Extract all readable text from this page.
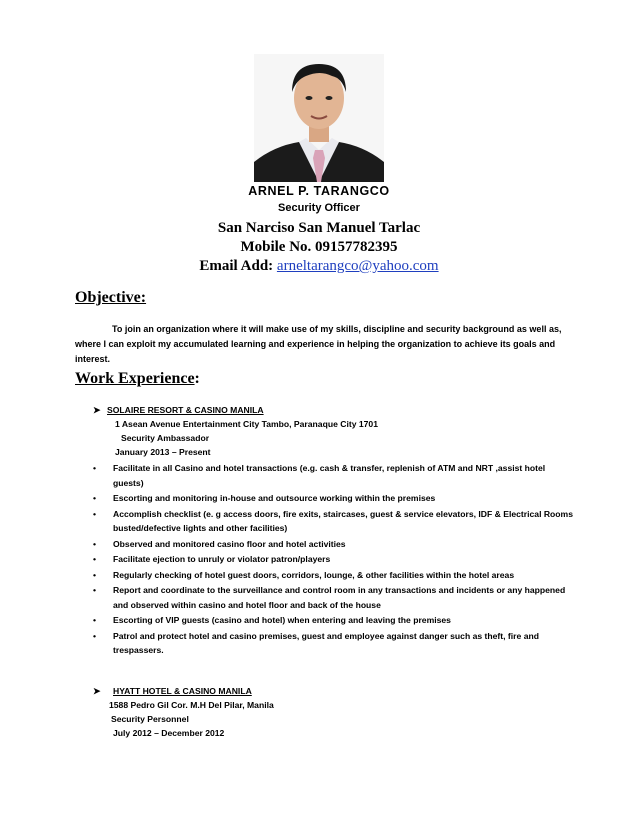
ARNEL P. TARANGCO
Security Officer
San Narciso San Manuel Tarlac
Mobile No. 09157782395
Email Add: arneltarangco@yahoo.com
Objective:
To join an organization where it will make use of my skills, discipline and security background as well as, where I can exploit my accumulated learning and experience in helping the organization to achieve its goals and interest.
Work Experience:
➤ SOLAIRE RESORT & CASINO MANILA
1 Asean Avenue Entertainment City Tambo, Paranaque City 1701
Security Ambassador
January 2013 – Present
• Facilitate in all Casino and hotel transactions (e.g. cash & transfer, replenish of ATM and NRT ,assist hotel guests)
• Escorting and monitoring in-house and outsource working within the premises
• Accomplish checklist (e. g access doors, fire exits, staircases, guest & service elevators, IDF & Electrical Rooms busted/defective lights and other facilities)
• Observed and monitored casino floor and hotel activities
• Facilitate ejection to unruly or violator patron/players
• Regularly checking of hotel guest doors, corridors, lounge, & other facilities within the hotel areas
• Report and coordinate to the surveillance and control room in any transactions and incidents or any happened and observed within casino and hotel floor and back of the house
• Escorting of VIP guests (casino and hotel) when entering and leaving the premises
• Patrol and protect hotel and casino premises, guest and employee against danger such as theft, fire and trespassers.
➤ HYATT HOTEL & CASINO MANILA
1588 Pedro Gil Cor. M.H Del Pilar, Manila
Security Personnel
July 2012 – December 2012
